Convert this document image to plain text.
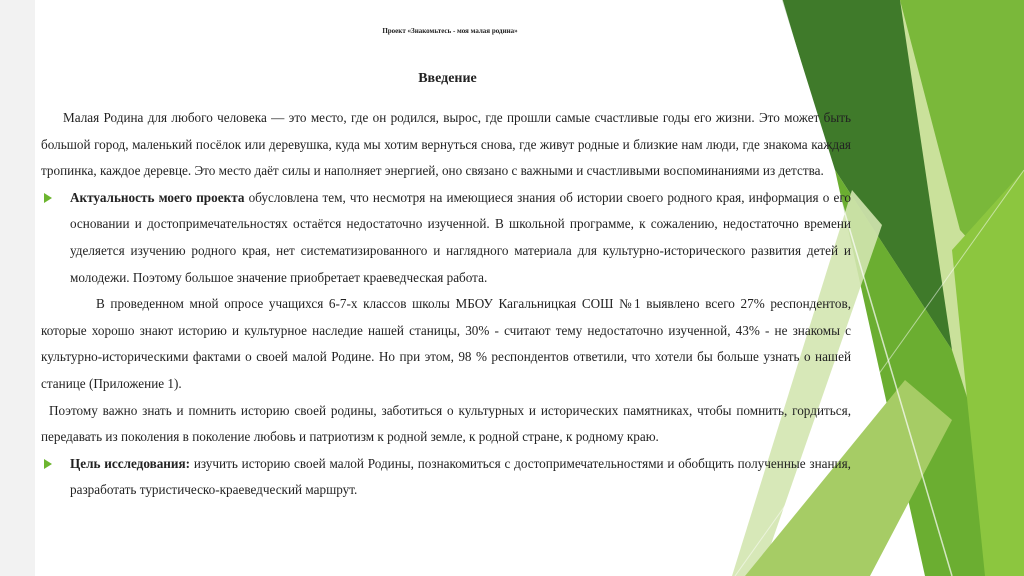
Проект «Знакомьтесь - моя малая родина»
Введение

Малая Родина для любого человека — это место, где он родился, вырос, где прошли самые счастливые годы его жизни. Это может быть большой город, маленький посёлок или деревушка, куда мы хотим вернуться снова, где живут родные и близкие нам люди, где знакома каждая тропинка, каждое деревце. Это место даёт силы и наполняет энергией, оно связано с важными и счастливыми воспоминаниями из детства.

Актуальность моего проекта обусловлена тем, что несмотря на имеющиеся знания об истории своего родного края, информация о его основании и достопримечательностях остаётся недостаточно изученной. В школьной программе, к сожалению, недостаточно времени уделяется изучению родного края, нет систематизированного и наглядного материала для культурно-исторического развития детей и молодежи. Поэтому большое значение приобретает краеведческая работа.

В проведенном мной опросе учащихся 6-7-х классов школы МБОУ Кагальницкая СОШ №1 выявлено всего 27% респондентов, которые хорошо знают историю и культурное наследие нашей станицы, 30% - считают тему недостаточно изученной, 43% - не знакомы с культурно-историческими фактами о своей малой Родине. Но при этом, 98 % респондентов ответили, что хотели бы больше узнать о нашей станице (Приложение 1).

Поэтому важно знать и помнить историю своей родины, заботиться о культурных и исторических памятниках, чтобы помнить, гордиться, передавать из поколения в поколение любовь и патриотизм к родной земле, к родной стране, к родному краю.

Цель исследования: изучить историю своей малой Родины, познакомиться с достопримечательностями и обобщить полученные знания, разработать туристическо-краеведческий маршрут.
